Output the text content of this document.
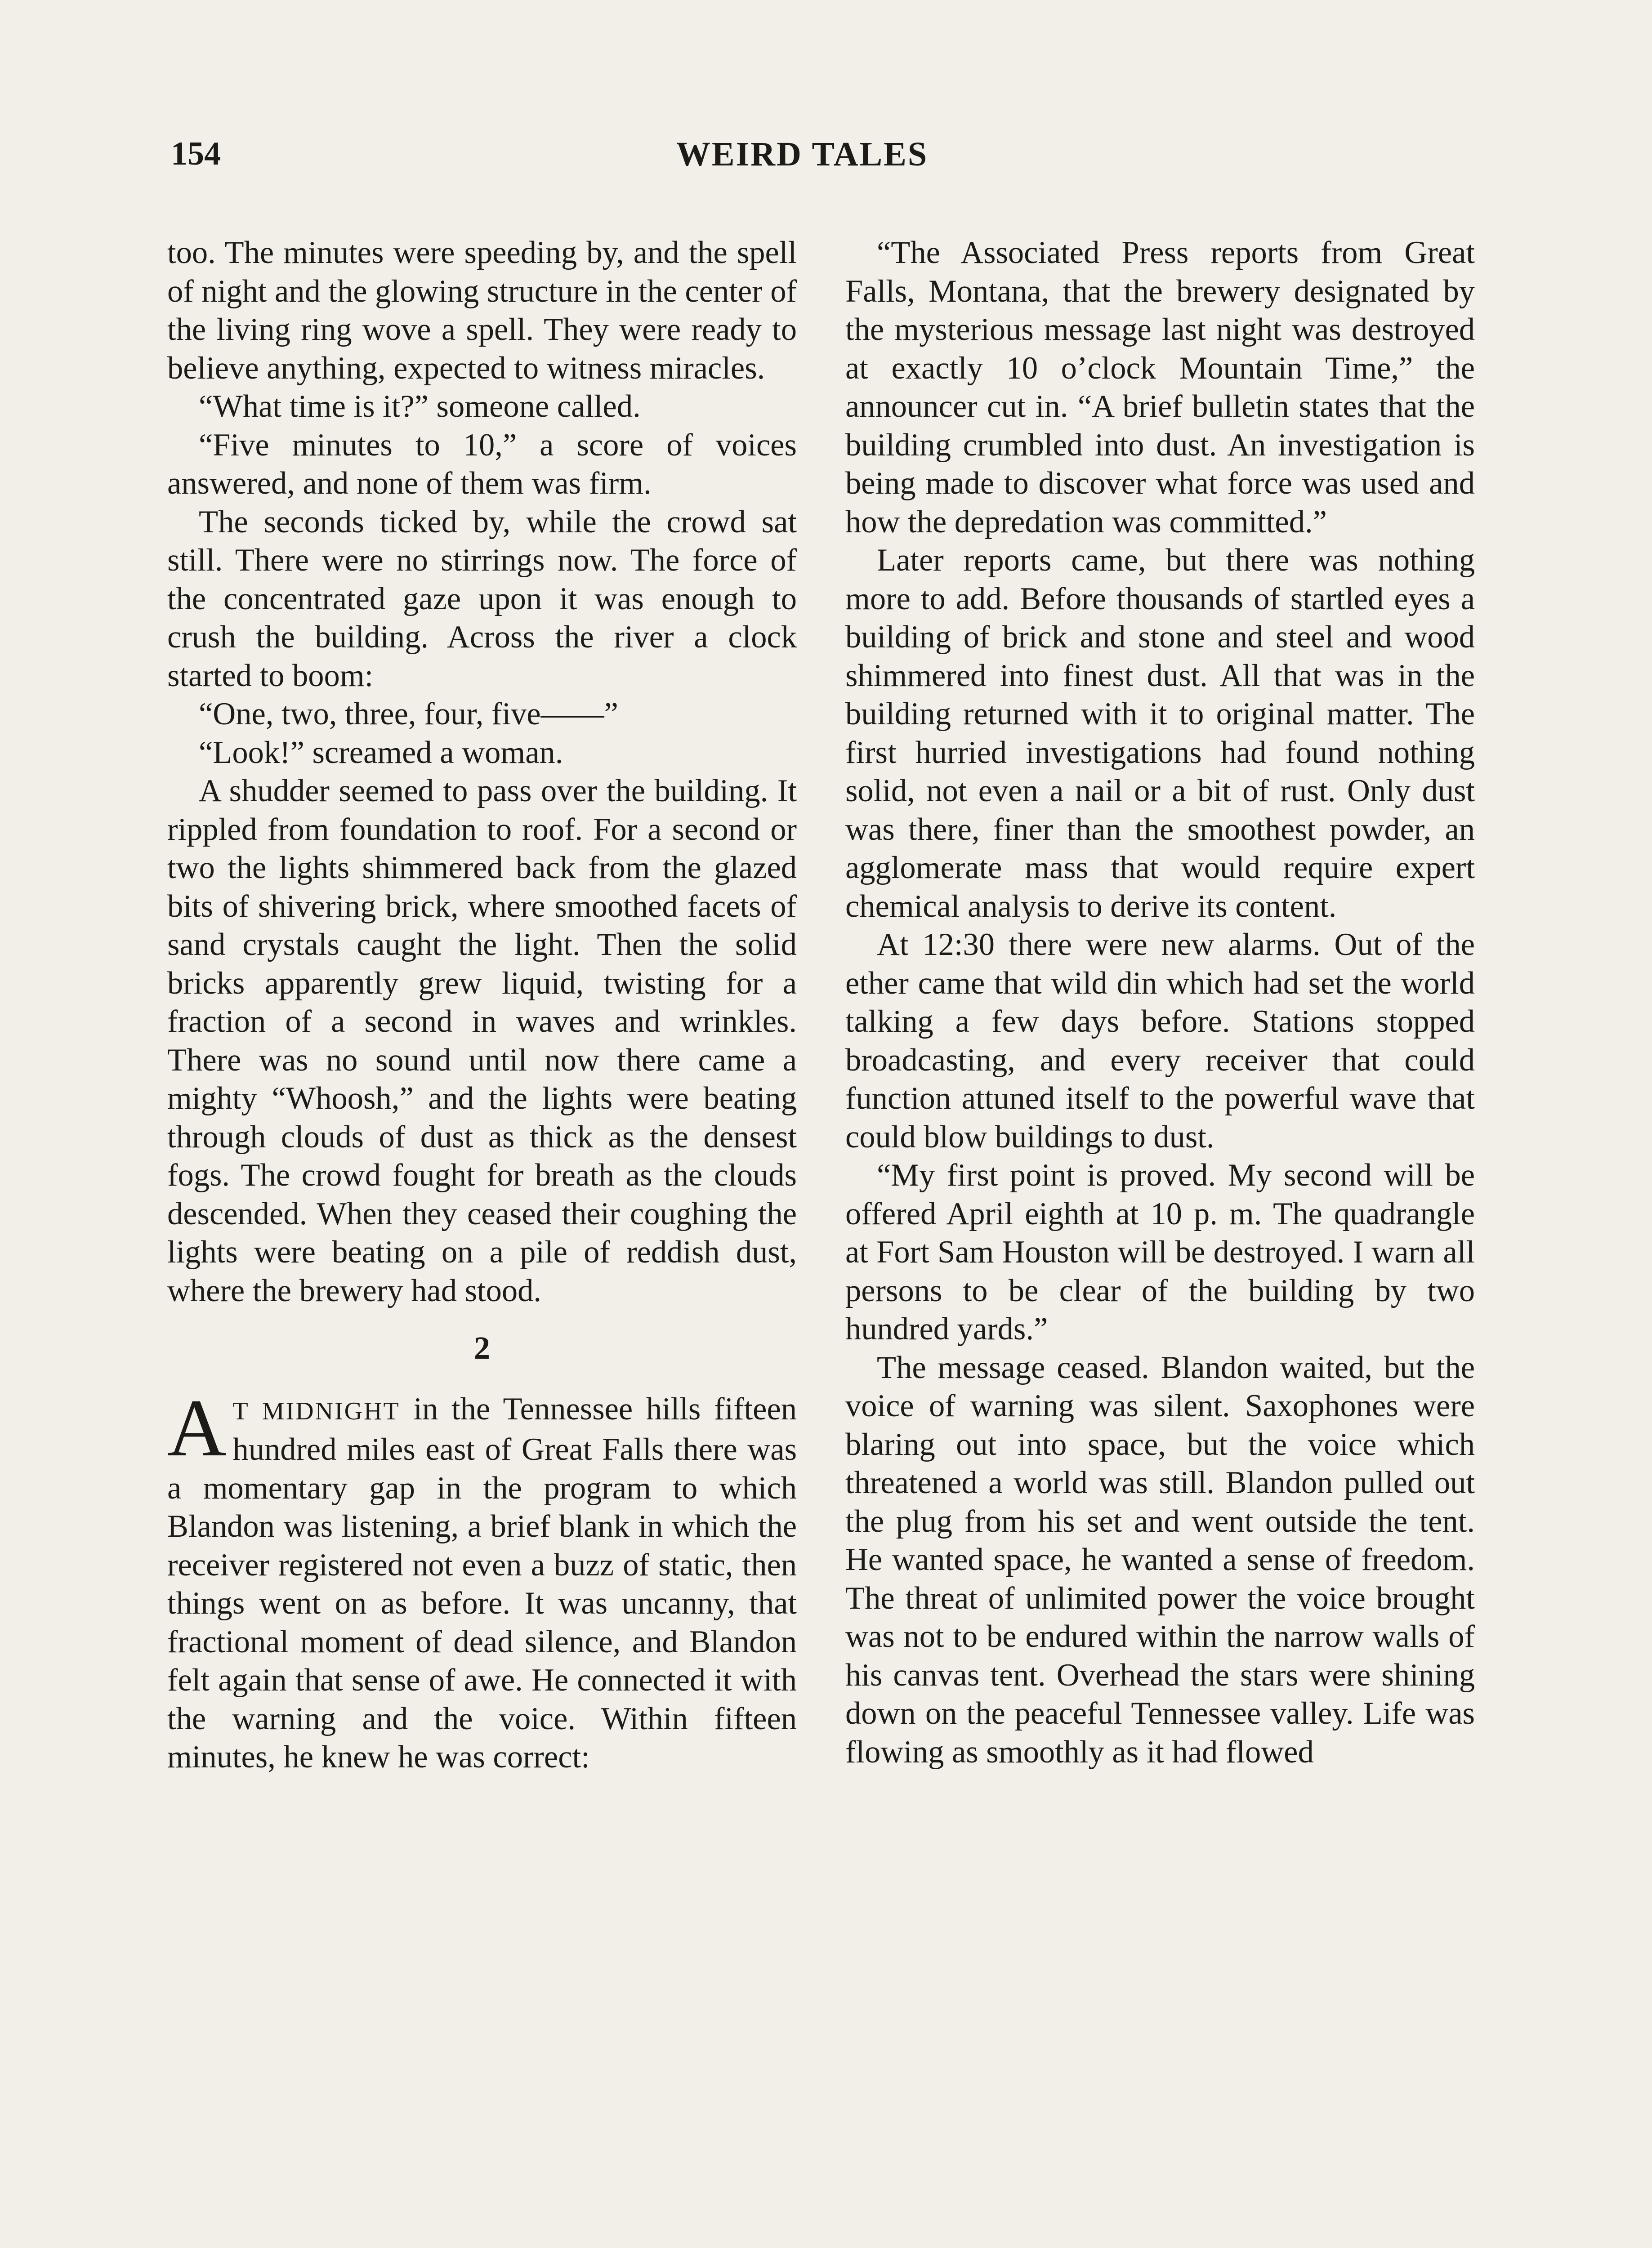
154	WEIRD TALES

too. The minutes were speeding by, and the spell of night and the glowing structure in the center of the living ring wove a spell. They were ready to believe anything, expected to witness miracles.

“What time is it?” someone called.

“Five minutes to 10,” a score of voices answered, and none of them was firm.

The seconds ticked by, while the crowd sat still. There were no stirrings now. The force of the concentrated gaze upon it was enough to crush the building. Across the river a clock started to boom:

“One, two, three, four, five——”

“Look!” screamed a woman.

A shudder seemed to pass over the building. It rippled from foundation to roof. For a second or two the lights shimmered back from the glazed bits of shivering brick, where smoothed facets of sand crystals caught the light. Then the solid bricks apparently grew liquid, twisting for a fraction of a second in waves and wrinkles. There was no sound until now there came a mighty “Whoosh,” and the lights were beating through clouds of dust as thick as the densest fogs. The crowd fought for breath as the clouds descended. When they ceased their coughing the lights were beating on a pile of reddish dust, where the brewery had stood.

2

A T MIDNIGHT in the Tennessee hills fifteen hundred miles east of Great Falls there was a momentary gap in the program to which Blandon was listening, a brief blank in which the receiver registered not even a buzz of static, then things went on as before. It was uncanny, that fractional moment of dead silence, and Blandon felt again that sense of awe. He connected it with the warning and the voice. Within fifteen minutes, he knew he was correct:

“The Associated Press reports from Great Falls, Montana, that the brewery designated by the mysterious message last night was destroyed at exactly 10 o’clock Mountain Time,” the announcer cut in. “A brief bulletin states that the building crumbled into dust. An investigation is being made to discover what force was used and how the depredation was committed.”

Later reports came, but there was nothing more to add. Before thousands of startled eyes a building of brick and stone and steel and wood shimmered into finest dust. All that was in the building returned with it to original matter. The first hurried investigations had found nothing solid, not even a nail or a bit of rust. Only dust was there, finer than the smoothest powder, an agglomerate mass that would require expert chemical analysis to derive its content.

At 12:30 there were new alarms. Out of the ether came that wild din which had set the world talking a few days before. Stations stopped broadcasting, and every receiver that could function attuned itself to the powerful wave that could blow buildings to dust.

“My first point is proved. My second will be offered April eighth at 10 p. m. The quadrangle at Fort Sam Houston will be destroyed. I warn all persons to be clear of the building by two hundred yards.”

The message ceased. Blandon waited, but the voice of warning was silent. Saxophones were blaring out into space, but the voice which threatened a world was still. Blandon pulled out the plug from his set and went outside the tent. He wanted space, he wanted a sense of freedom. The threat of unlimited power the voice brought was not to be endured within the narrow walls of his canvas tent. Overhead the stars were shining down on the peaceful Tennessee valley. Life was flowing as smoothly as it had flowed
